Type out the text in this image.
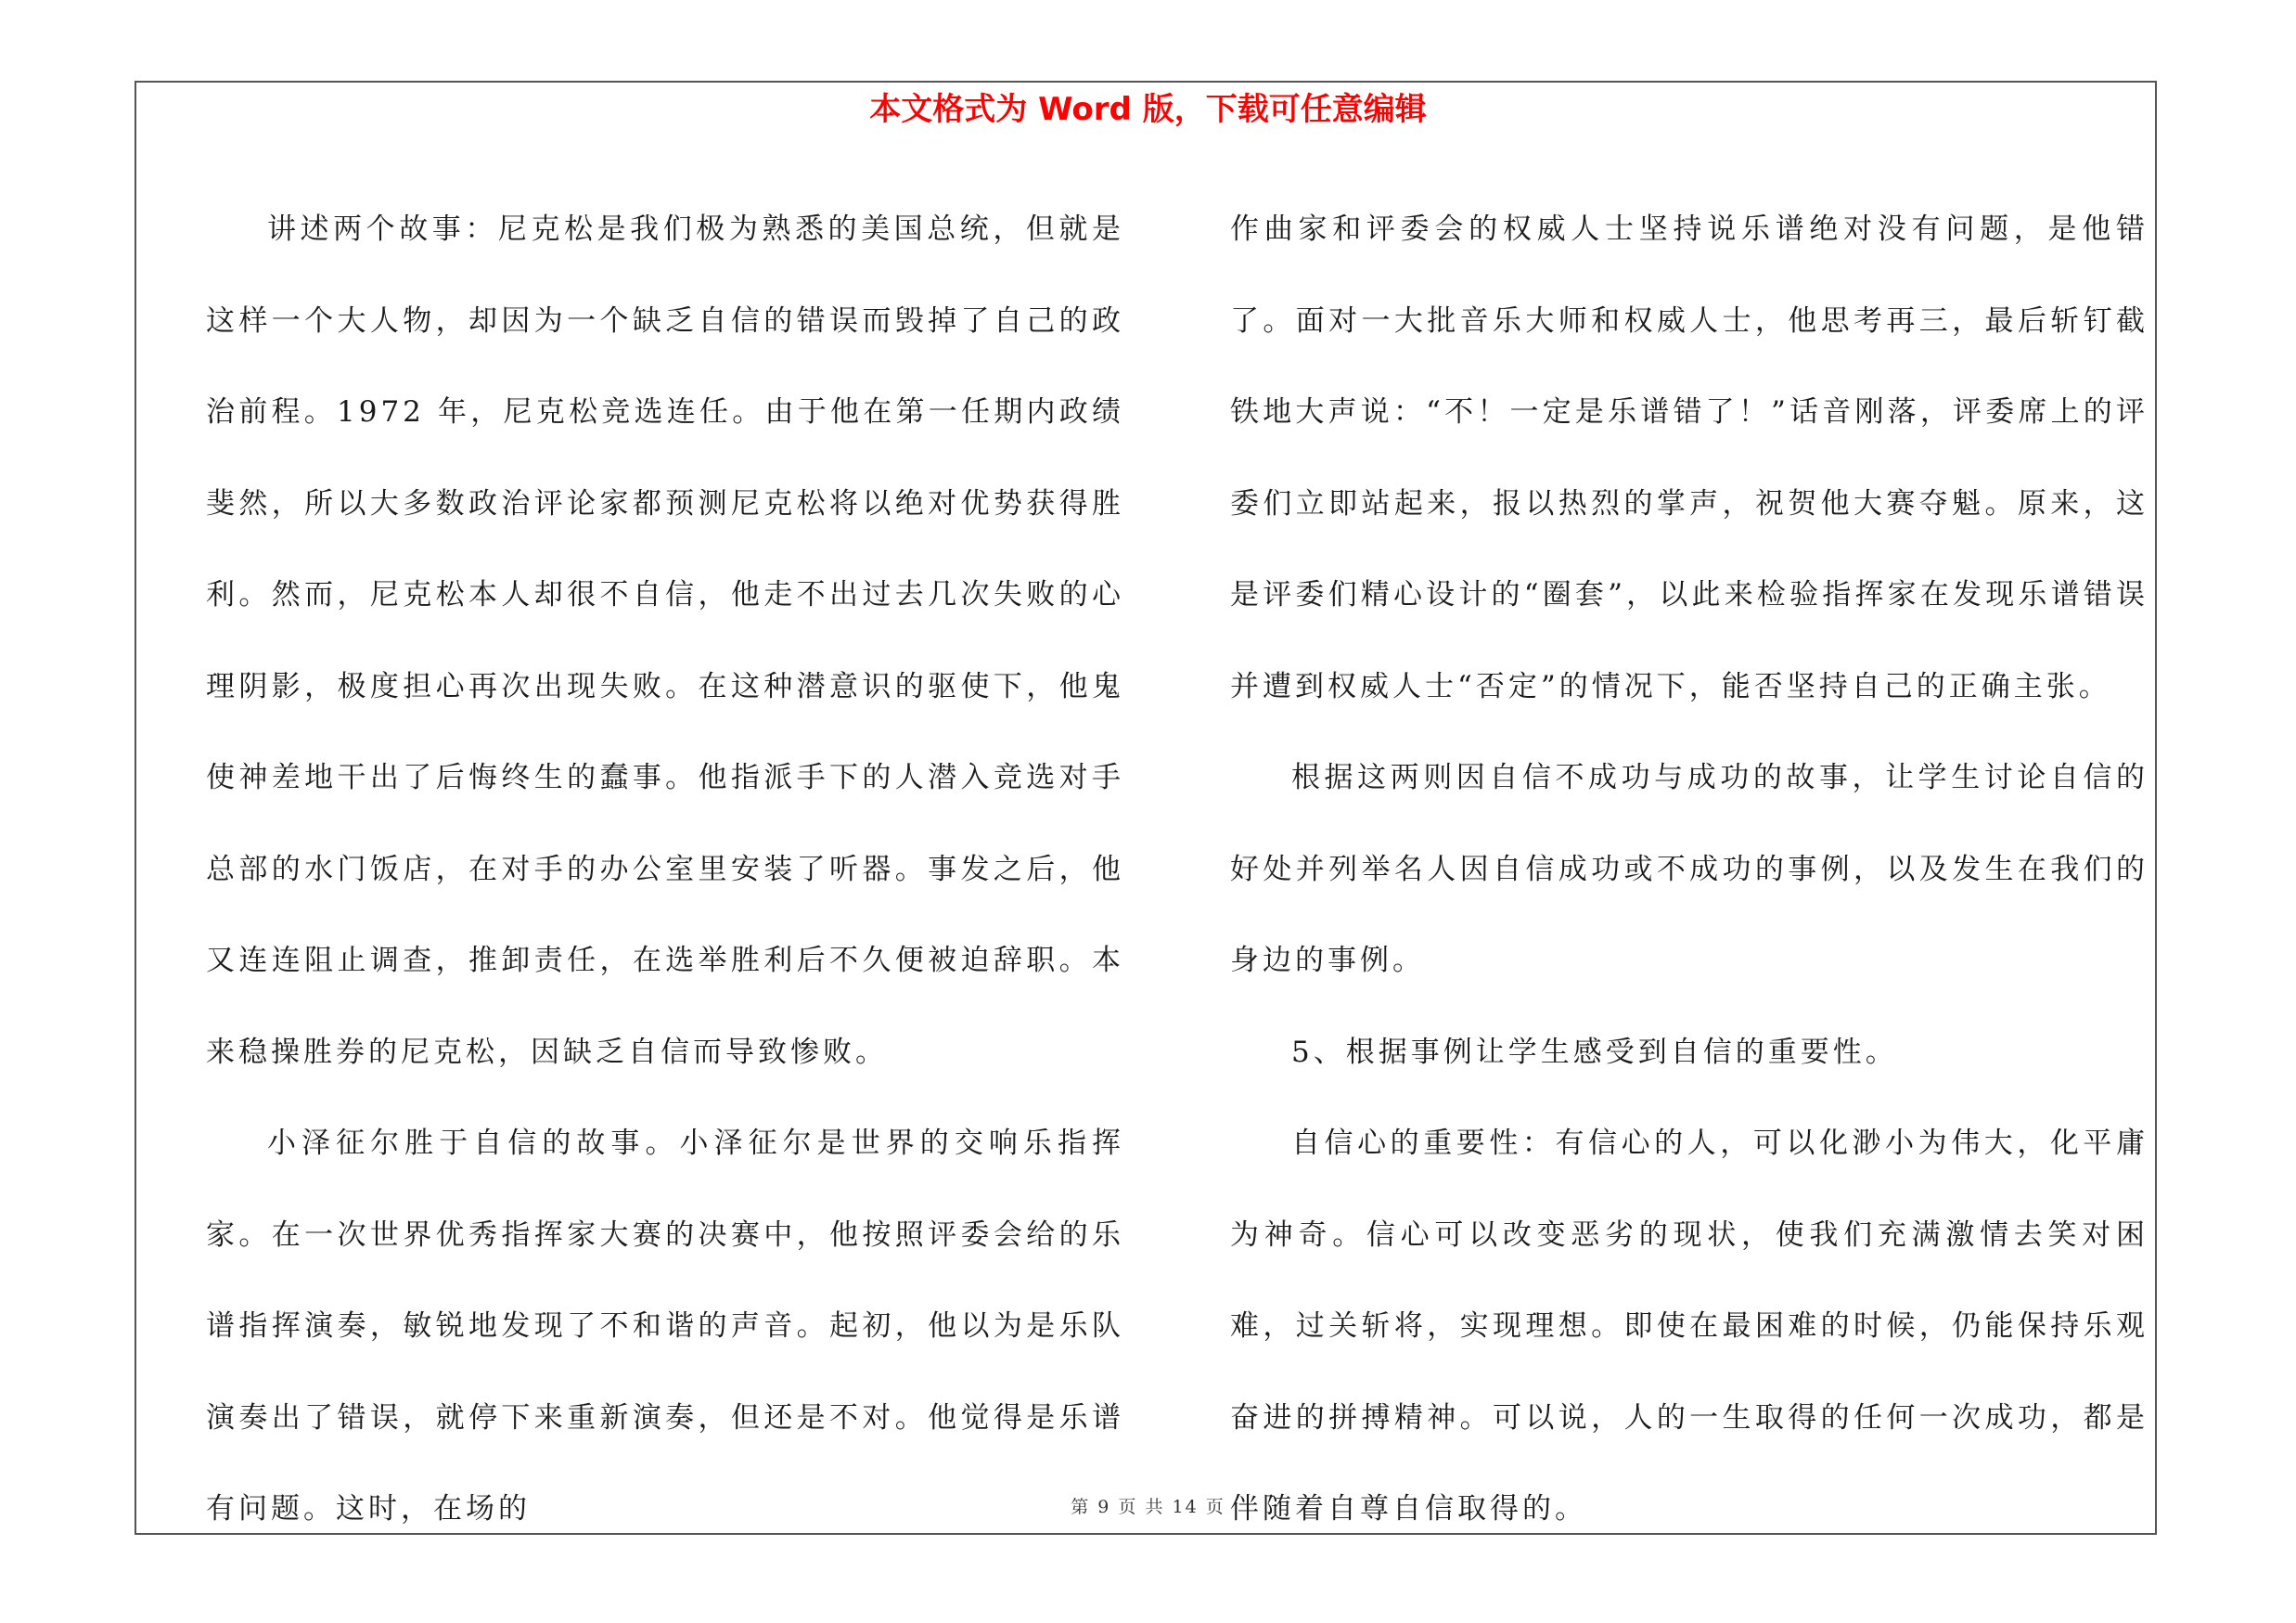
本文格式为 Word 版，下载可任意编辑

讲述两个故事：尼克松是我们极为熟悉的美国总统，但就是这样一个大人物，却因为一个缺乏自信的错误而毁掉了自己的政治前程。1972 年，尼克松竞选连任。由于他在第一任期内政绩斐然，所以大多数政治评论家都预测尼克松将以绝对优势获得胜利。然而，尼克松本人却很不自信，他走不出过去几次失败的心理阴影，极度担心再次出现失败。在这种潜意识的驱使下，他鬼使神差地干出了后悔终生的蠢事。他指派手下的人潜入竞选对手总部的水门饭店，在对手的办公室里安装了听器。事发之后，他又连连阻止调查，推卸责任，在选举胜利后不久便被迫辞职。本来稳操胜券的尼克松，因缺乏自信而导致惨败。

小泽征尔胜于自信的故事。小泽征尔是世界的交响乐指挥家。在一次世界优秀指挥家大赛的决赛中，他按照评委会给的乐谱指挥演奏，敏锐地发现了不和谐的声音。起初，他以为是乐队演奏出了错误，就停下来重新演奏，但还是不对。他觉得是乐谱有问题。这时，在场的

作曲家和评委会的权威人士坚持说乐谱绝对没有问题，是他错了。面对一大批音乐大师和权威人士，他思考再三，最后斩钉截铁地大声说：“不！一定是乐谱错了！”话音刚落，评委席上的评委们立即站起来，报以热烈的掌声，祝贺他大赛夺魁。原来，这是评委们精心设计的“圈套”，以此来检验指挥家在发现乐谱错误并遭到权威人士“否定”的情况下，能否坚持自己的正确主张。

根据这两则因自信不成功与成功的故事，让学生讨论自信的好处并列举名人因自信成功或不成功的事例，以及发生在我们的身边的事例。

5、根据事例让学生感受到自信的重要性。

自信心的重要性：有信心的人，可以化渺小为伟大，化平庸为神奇。信心可以改变恶劣的现状，使我们充满激情去笑对困难，过关斩将，实现理想。即使在最困难的时候，仍能保持乐观奋进的拼搏精神。可以说，人的一生取得的任何一次成功，都是伴随着自尊自信取得的。

第 9 页 共 14 页
